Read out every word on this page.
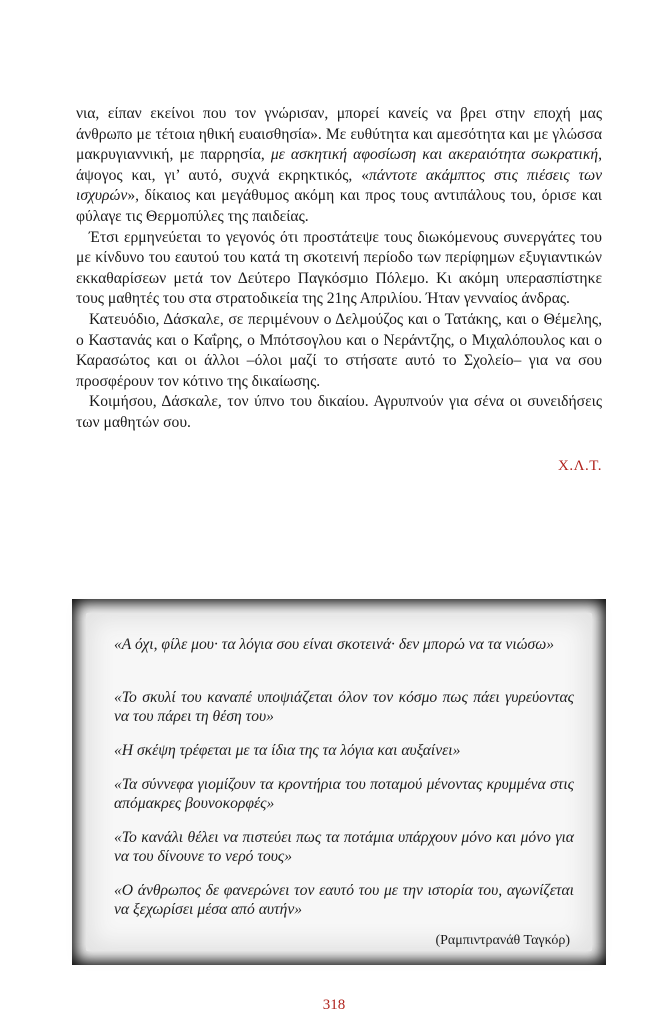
νια, είπαν εκείνοι που τον γνώρισαν, μπορεί κανείς να βρει στην εποχή μας άνθρωπο με τέτοια ηθική ευαισθησία». Με ευθύτητα και αμεσότητα και με γλώσσα μακρυγιαννική, με παρρησία, με ασκητική αφοσίωση και ακεραιότητα σωκρατική, άψογος και, γι’ αυτό, συχνά εκρηκτικός, «πάντοτε ακάμπτος στις πιέσεις των ισχυρών», δίκαιος και μεγάθυμος ακόμη και προς τους αντιπάλους του, όρισε και φύλαγε τις Θερμοπύλες της παιδείας.

Έτσι ερμηνεύεται το γεγονός ότι προστάτεψε τους διωκόμενους συνεργάτες του με κίνδυνο του εαυτού του κατά τη σκοτεινή περίοδο των περίφημων εξυγιαντικών εκκαθαρίσεων μετά τον Δεύτερο Παγκόσμιο Πόλεμο. Κι ακόμη υπερασπίστηκε τους μαθητές του στα στρατοδικεία της 21ης Απριλίου. Ήταν γενναίος άνδρας.

Κατευόδιο, Δάσκαλε, σε περιμένουν ο Δελμούζος και ο Τατάκης, και ο Θέμελης, ο Καστανάς και ο Καΐρης, ο Μπότσογλου και ο Νεράντζης, ο Μιχαλόπουλος και ο Καρασώτος και οι άλλοι –όλοι μαζί το στήσατε αυτό το Σχολείο– για να σου προσφέρουν τον κότινο της δικαίωσης.

Κοιμήσου, Δάσκαλε, τον ύπνο του δικαίου. Αγρυπνούν για σένα οι συνειδήσεις των μαθητών σου.

Χ.Λ.Τ.
«Α όχι, φίλε μου· τα λόγια σου είναι σκοτεινά· δεν μπορώ να τα νιώσω»
«Το σκυλί του καναπέ υποψιάζεται όλον τον κόσμο πως πάει γυρεύοντας να του πάρει τη θέση του»
«Η σκέψη τρέφεται με τα ίδια της τα λόγια και αυξαίνει»
«Τα σύννεφα γιομίζουν τα κροντήρια του ποταμού μένοντας κρυμμένα στις απόμακρες βουνοκορφές»
«Το κανάλι θέλει να πιστεύει πως τα ποτάμια υπάρχουν μόνο και μόνο για να του δίνουνε το νερό τους»
«Ο άνθρωπος δε φανερώνει τον εαυτό του με την ιστορία του, αγωνίζεται να ξεχωρίσει μέσα από αυτήν»
(Ραμπιντρανάθ Ταγκόρ)
318
